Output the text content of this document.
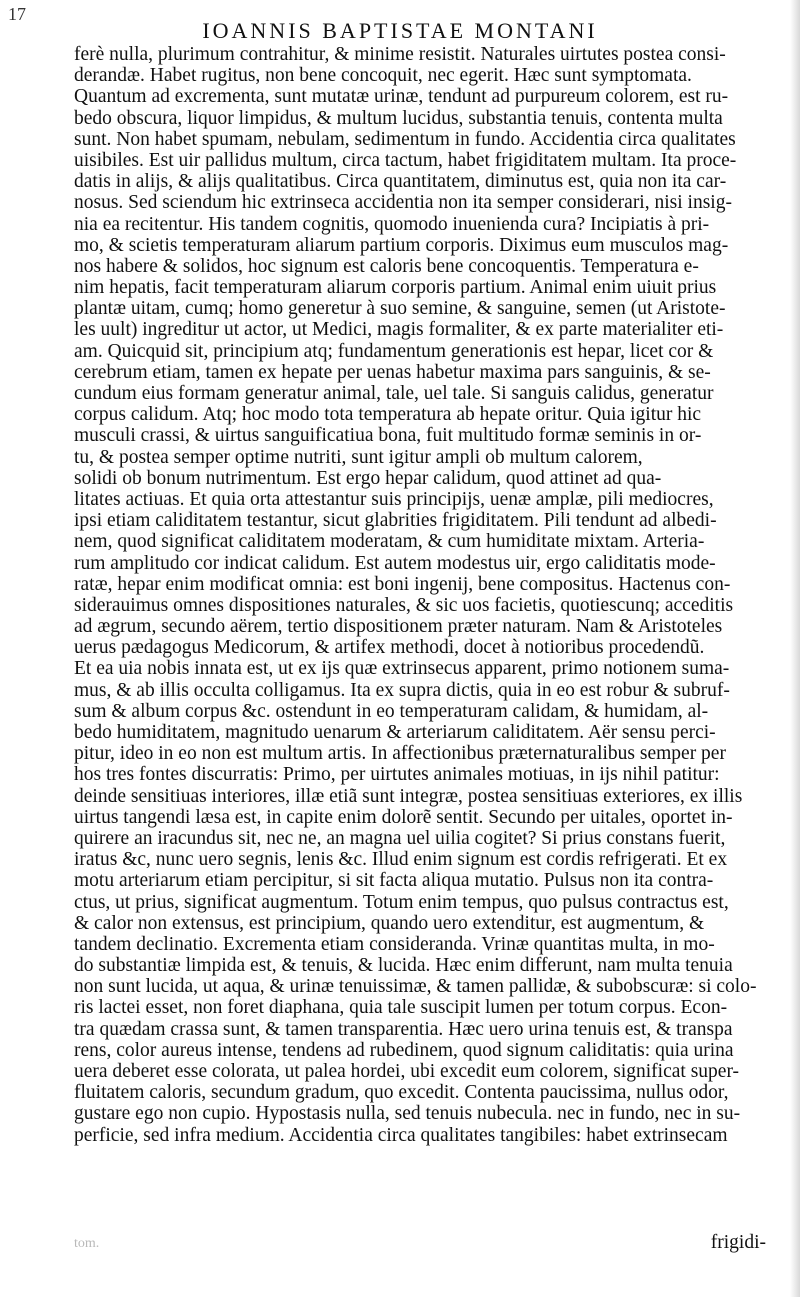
17
IOANNIS BAPTISTAE MONTANI
ferè nulla, plurimum contrahitur, & minime resistit. Naturales uirtutes postea consi-
derandæ. Habet rugitus, non bene concoquit, nec egerit. Hæc sunt symptomata.
Quantum ad excrementa, sunt mutatæ urinæ, tendunt ad purpureum colorem, est ru-
bedo obscura, liquor limpidus, & multum lucidus, substantia tenuis, contenta multa
sunt. Non habet spumam, nebulam, sedimentum in fundo. Accidentia circa qualitates
uisibiles. Est uir pallidus multum, circa tactum, habet frigiditatem multam. Ita proce-
datis in alijs, & alijs qualitatibus. Circa quantitatem, diminutus est, quia non ita car-
nosus. Sed sciendum hic extrinseca accidentia non ita semper considerari, nisi insig-
nia ea recitentur. His tandem cognitis, quomodo inuenienda cura? Incipiatis à pri-
mo, & scietis temperaturam aliarum partium corporis. Diximus eum musculos mag-
nos habere & solidos, hoc signum est caloris bene concoquentis. Temperatura e-
nim hepatis, facit temperaturam aliarum corporis partium. Animal enim uiuit prius
plantæ uitam, cumq; homo generetur à suo semine, & sanguine, semen (ut Aristote-
les uult) ingreditur ut actor, ut Medici, magis formaliter, & ex parte materialiter eti-
am. Quicquid sit, principium atq; fundamentum generationis est hepar, licet cor &
cerebrum etiam, tamen ex hepate per uenas habetur maxima pars sanguinis, & se-
cundum eius formam generatur animal, tale, uel tale. Si sanguis calidus, generatur
corpus calidum. Atq; hoc modo tota temperatura ab hepate oritur. Quia igitur hic
musculi crassi, & uirtus sanguificatiua bona, fuit multitudo formæ seminis in or-
tu, & postea semper optime nutriti, sunt igitur ampli ob multum calorem,
solidi ob bonum nutrimentum. Est ergo hepar calidum, quod attinet ad qua-
litates actiuas. Et quia orta attestantur suis principijs, uenæ amplæ, pili mediocres,
ipsi etiam caliditatem testantur, sicut glabrities frigiditatem. Pili tendunt ad albedi-
nem, quod significat caliditatem moderatam, & cum humiditate mixtam. Arteria-
rum amplitudo cor indicat calidum. Est autem modestus uir, ergo caliditatis mode-
ratæ, hepar enim modificat omnia: est boni ingenij, bene compositus. Hactenus con-
siderauimus omnes dispositiones naturales, & sic uos facietis, quotiescunq; acceditis
ad ægrum, secundo aërem, tertio dispositionem præter naturam. Nam & Aristoteles
uerus pædagogus Medicorum, & artifex methodi, docet à notioribus procedendũ.
Et ea uia nobis innata est, ut ex ijs quæ extrinsecus apparent, primo notionem suma-
mus, & ab illis occulta colligamus. Ita ex supra dictis, quia in eo est robur & subruf-
sum & album corpus &c. ostendunt in eo temperaturam calidam, & humidam, al-
bedo humiditatem, magnitudo uenarum & arteriarum caliditatem. Aër sensu perci-
pitur, ideo in eo non est multum artis. In affectionibus præternaturalibus semper per
hos tres fontes discurratis: Primo, per uirtutes animales motiuas, in ijs nihil patitur:
deinde sensitiuas interiores, illæ etiã sunt integræ, postea sensitiuas exteriores, ex illis
uirtus tangendi læsa est, in capite enim dolorẽ sentit. Secundo per uitales, oportet in-
quirere an iracundus sit, nec ne, an magna uel uilia cogitet? Si prius constans fuerit,
iratus &c, nunc uero segnis, lenis &c. Illud enim signum est cordis refrigerati. Et ex
motu arteriarum etiam percipitur, si sit facta aliqua mutatio. Pulsus non ita contra-
ctus, ut prius, significat augmentum. Totum enim tempus, quo pulsus contractus est,
& calor non extensus, est principium, quando uero extenditur, est augmentum, &
tandem declinatio. Excrementa etiam consideranda. Vrinæ quantitas multa, in mo-
do substantiæ limpida est, & tenuis, & lucida. Hæc enim differunt, nam multa tenuia
non sunt lucida, ut aqua, & urinæ tenuissimæ, & tamen pallidæ, & subobscuræ: si colo-
ris lactei esset, non foret diaphana, quia tale suscipit lumen per totum corpus. Econ-
tra quædam crassa sunt, & tamen transparentia. Hæc uero urina tenuis est, & transpa
rens, color aureus intense, tendens ad rubedinem, quod signum caliditatis: quia urina
uera deberet esse colorata, ut palea hordei, ubi excedit eum colorem, significat super-
fluitatem caloris, secundum gradum, quo excedit. Contenta paucissima, nullus odor,
gustare ego non cupio. Hypostasis nulla, sed tenuis nubecula. nec in fundo, nec in su-
perficie, sed infra medium. Accidentia circa qualitates tangibiles: habet extrinsecam
tom.	frigidi-
